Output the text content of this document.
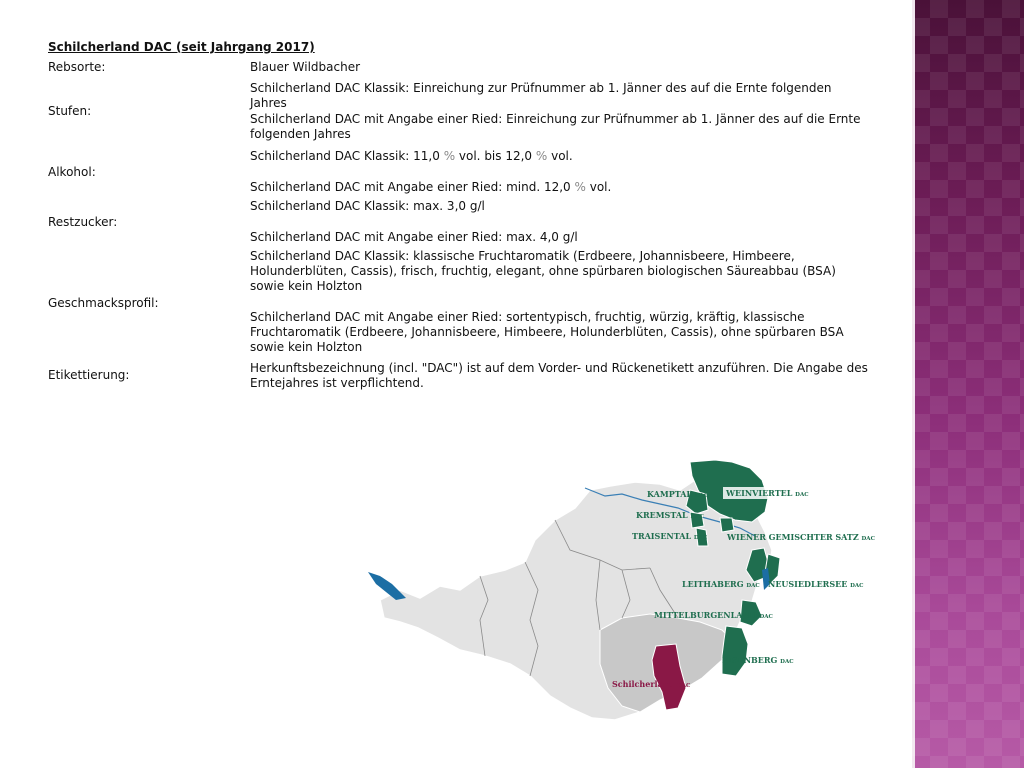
Schilcherland DAC (seit Jahrgang 2017)
Rebsorte:	Blauer Wildbacher
Stufen:
Schilcherland DAC Klassik: Einreichung zur Prüfnummer ab 1. Jänner des auf die Ernte folgenden Jahres
Schilcherland DAC mit Angabe einer Ried: Einreichung zur Prüfnummer ab 1. Jänner des auf die Ernte folgenden Jahres
Alkohol:
Schilcherland DAC Klassik: 11,0 % vol. bis 12,0 % vol.
Schilcherland DAC mit Angabe einer Ried: mind. 12,0 % vol.
Restzucker:
Schilcherland DAC Klassik: max. 3,0 g/l
Schilcherland DAC mit Angabe einer Ried: max. 4,0 g/l
Geschmacksprofil:
Schilcherland DAC Klassik: klassische Fruchtaromatik (Erdbeere, Johannisbeere, Himbeere, Holunderblüten, Cassis), frisch, fruchtig, elegant, ohne spürbaren biologischen Säureabbau (BSA) sowie kein Holzton
Schilcherland DAC mit Angabe einer Ried: sortentypisch, fruchtig, würzig, kräftig, klassische Fruchtaromatik (Erdbeere, Johannisbeere, Himbeere, Holunderblüten, Cassis), ohne spürbaren BSA sowie kein Holzton
Etikettierung:	Herkunftsbezeichnung (incl. "DAC") ist auf dem Vorder- und Rückenetikett anzuführen. Die Angabe des Erntejahres ist verpflichtend.
KAMPTAL DAC
KREMSTAL DAC
TRAISENTAL DAC
WEINVIERTEL DAC
WIENER GEMISCHTER SATZ DAC
LEITHABERG DAC NEUSIEDLERSEE DAC
MITTELBURGENLAND DAC
EISENBERG DAC
Schilcherland DAC
